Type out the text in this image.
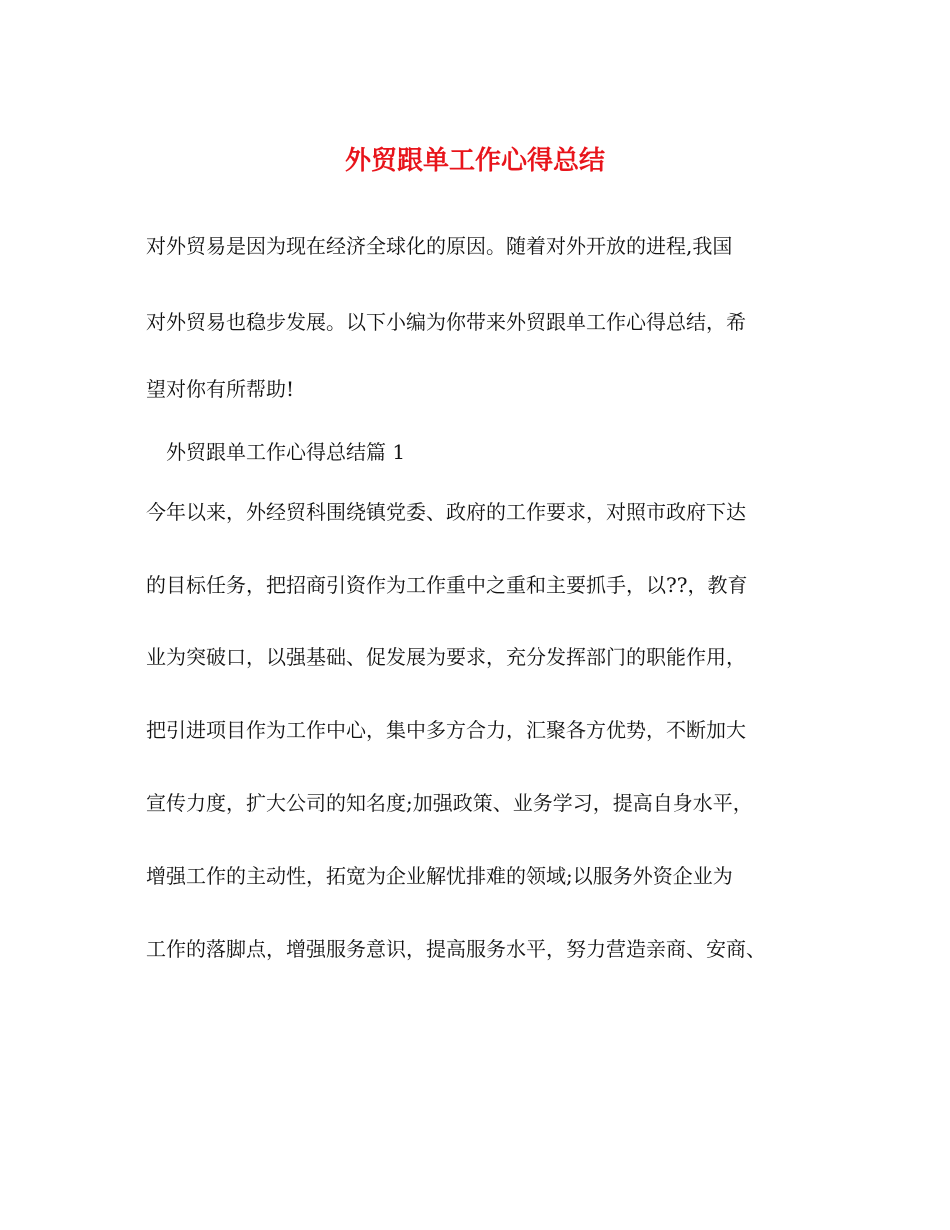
外贸跟单工作心得总结

对外贸易是因为现在经济全球化的原因。随着对外开放的进程,我国

对外贸易也稳步发展。以下小编为你带来外贸跟单工作心得总结，希

望对你有所帮助!

外贸跟单工作心得总结篇 1

今年以来，外经贸科围绕镇党委、政府的工作要求，对照市政府下达

的目标任务，把招商引资作为工作重中之重和主要抓手，以??，教育

业为突破口，以强基础、促发展为要求，充分发挥部门的职能作用，

把引进项目作为工作中心，集中多方合力，汇聚各方优势，不断加大

宣传力度，扩大公司的知名度;加强政策、业务学习，提高自身水平，

增强工作的主动性，拓宽为企业解忧排难的领域;以服务外资企业为

工作的落脚点，增强服务意识，提高服务水平，努力营造亲商、安商、
